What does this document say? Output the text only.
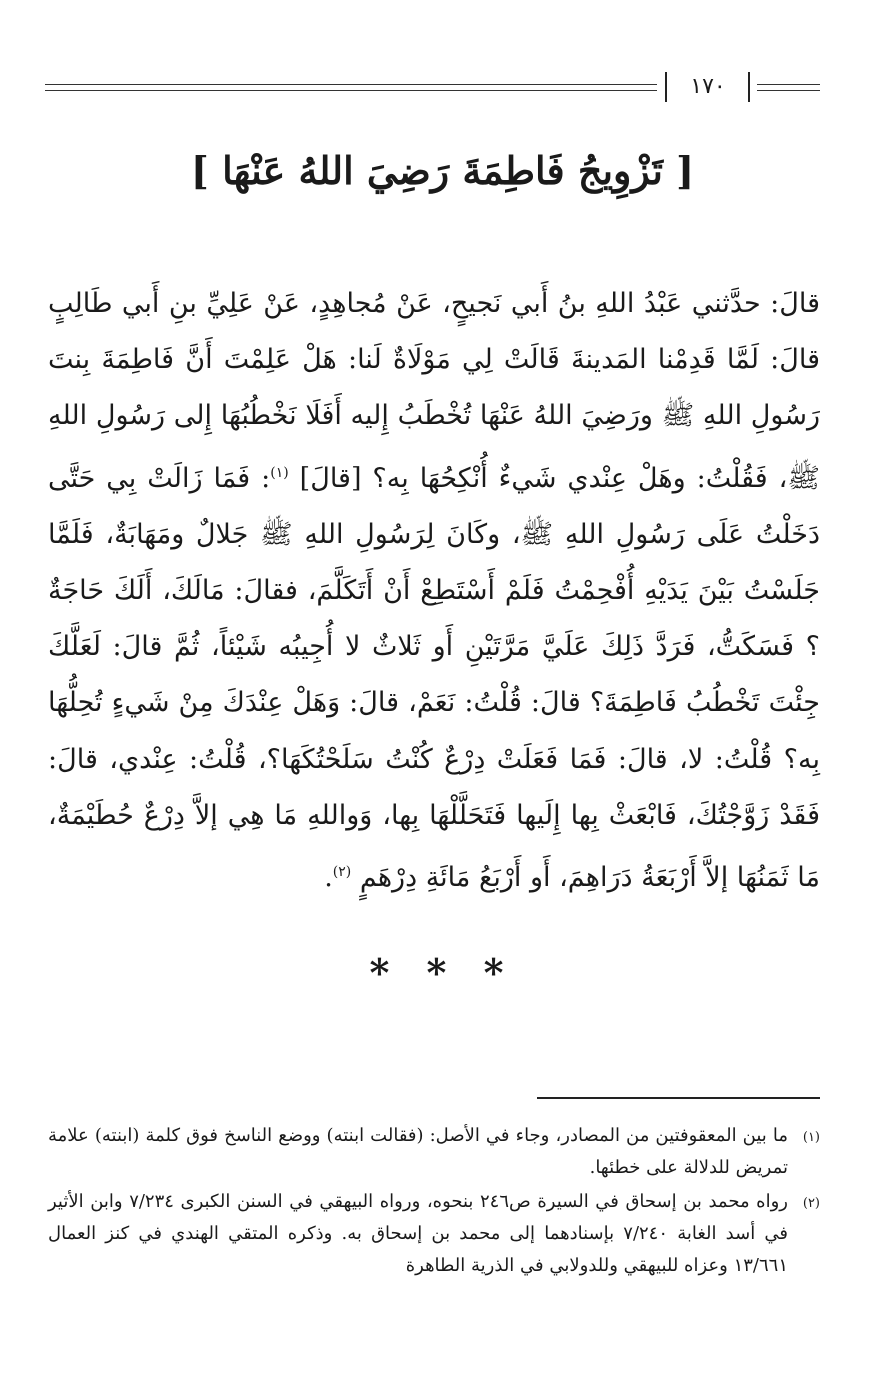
١٧٠
[ تَزْوِيجُ فَاطِمَةَ رَضِيَ اللهُ عَنْهَا ]
قالَ: حدَّثني عَبْدُ اللهِ بنُ أَبي نَجيحٍ، عَنْ مُجاهِدٍ، عَنْ عَلِيِّ بنِ أَبي طَالِبٍ قالَ: لَمَّا قَدِمْنا المَدينةَ قَالَتْ لِي مَوْلَاةٌ لَنا: هَلْ عَلِمْتَ أَنَّ فَاطِمَةَ بِنتَ رَسُولِ اللهِ ﷺ ورَضِيَ اللهُ عَنْهَا تُخْطَبُ إِليه أَفَلَا نَخْطُبُهَا إِلى رَسُولِ اللهِ ﷺ، فَقُلْتُ: وهَلْ عِنْدي شَيءٌ أُنْكِحُهَا بِه؟ [قالَ] $^{(١)}$: فَمَا زَالَتْ بِي حَتَّى دَخَلْتُ عَلَى رَسُولِ اللهِ ﷺ، وكَانَ لِرَسُولِ اللهِ ﷺ جَلالٌ ومَهَابَةٌ، فَلَمَّا جَلَسْتُ بَيْنَ يَدَيْهِ أُفْحِمْتُ فَلَمْ أَسْتَطِعْ أَنْ أَتَكَلَّمَ، فقالَ: مَالَكَ، أَلَكَ حَاجَةٌ ؟ فَسَكَتُّ، فَرَدَّ ذَلِكَ عَلَيَّ مَرَّتَيْنِ أَو ثَلاثٌ لا أُجِيبُه شَيْئاً، ثُمَّ قالَ: لَعَلَّكَ جِئْتَ تَخْطُبُ فَاطِمَةَ؟ قالَ: قُلْتُ: نَعَمْ، قالَ: وَهَلْ عِنْدَكَ مِنْ شَيءٍ تُحِلُّهَا بِه؟ قُلْتُ: لا، قالَ: فَمَا فَعَلَتْ دِرْعٌ كُنْتُ سَلَحْتُكَهَا؟، قُلْتُ: عِنْدي، قالَ: فَقَدْ زَوَّجْتُكَ، فَابْعَثْ بِها إِلَيها فَتَحَلَّلْهَا بِها، وَواللهِ مَا هِي إلاَّ دِرْعٌ حُطَيْمَةٌ، مَا ثَمَنُهَا إلاَّ أَرْبَعَةُ دَرَاهِمَ، أَو أَرْبَعُ مَائَةِ دِرْهَمٍ $^{(٢)}$.
* * *
(١)
ما بين المعقوفتين من المصادر، وجاء في الأصل: (فقالت ابنته) ووضع الناسخ فوق كلمة (ابنته) علامة تمريض للدلالة على خطئها.
(٢)
رواه محمد بن إسحاق في السيرة ص٢٤٦ بنحوه، ورواه البيهقي في السنن الكبرى ٧/٢٣٤ وابن الأثير في أسد الغابة ٧/٢٤٠ بإسنادهما إلى محمد بن إسحاق به. وذكره المتقي الهندي في كنز العمال ١٣/٦٦١ وعزاه للبيهقي وللدولابي في الذرية الطاهرة
